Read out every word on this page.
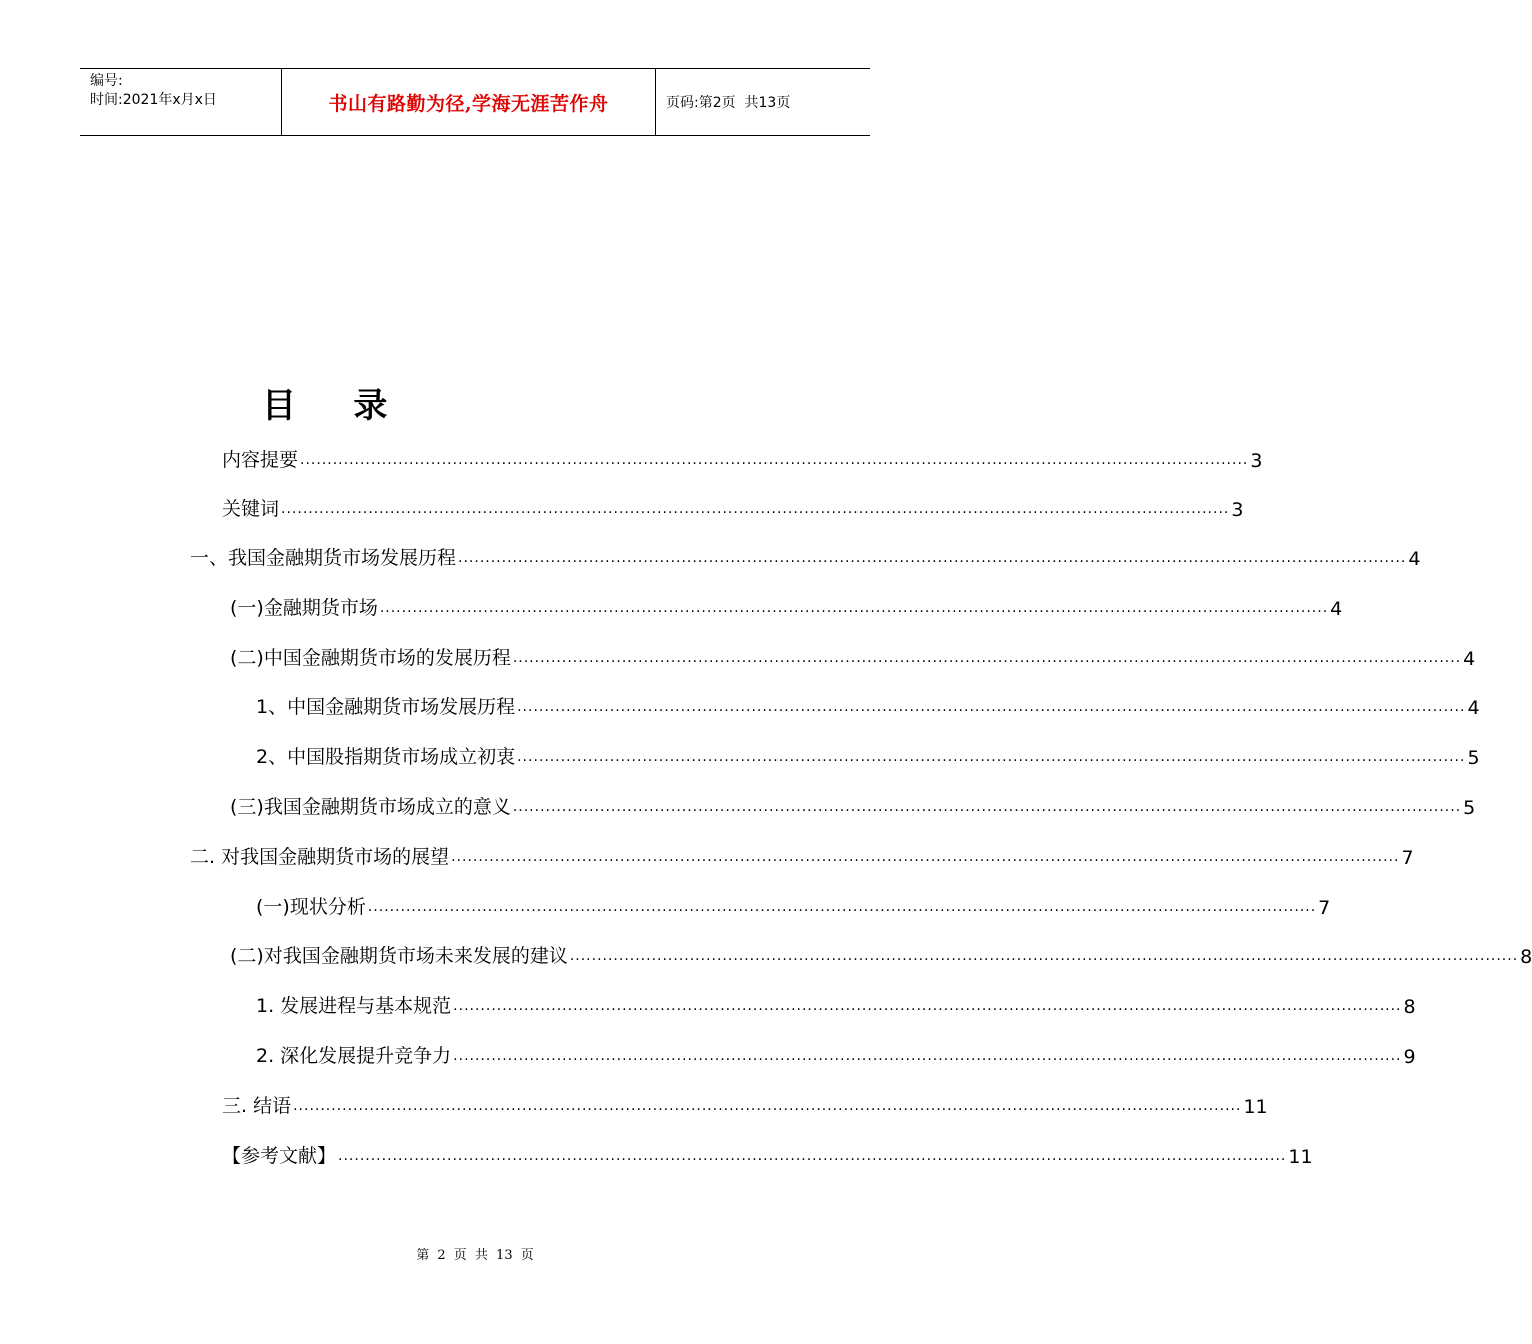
编号:
时间:2021年x月x日	书山有路勤为径,学海无涯苦作舟	页码:第2页  共13页
目    录
内容提要 .............................................................................................................................................................................. 3
关键词 .............................................................................................................................................................................. 3
一、我国金融期货市场发展历程 .............................................................................................................................................................................. 4
(一)金融期货市场 .............................................................................................................................................................................. 4
(二)中国金融期货市场的发展历程 .............................................................................................................................................................................. 4
1、中国金融期货市场发展历程 .............................................................................................................................................................................. 4
2、中国股指期货市场成立初衷 .............................................................................................................................................................................. 5
(三)我国金融期货市场成立的意义 .............................................................................................................................................................................. 5
二. 对我国金融期货市场的展望 .............................................................................................................................................................................. 7
(一)现状分析 .............................................................................................................................................................................. 7
(二)对我国金融期货市场未来发展的建议 .............................................................................................................................................................................. 8
1. 发展进程与基本规范 .............................................................................................................................................................................. 8
2. 深化发展提升竞争力 .............................................................................................................................................................................. 9
三. 结语 .............................................................................................................................................................................. 11
【参考文献】 .............................................................................................................................................................................. 11
第 2 页 共 13 页
